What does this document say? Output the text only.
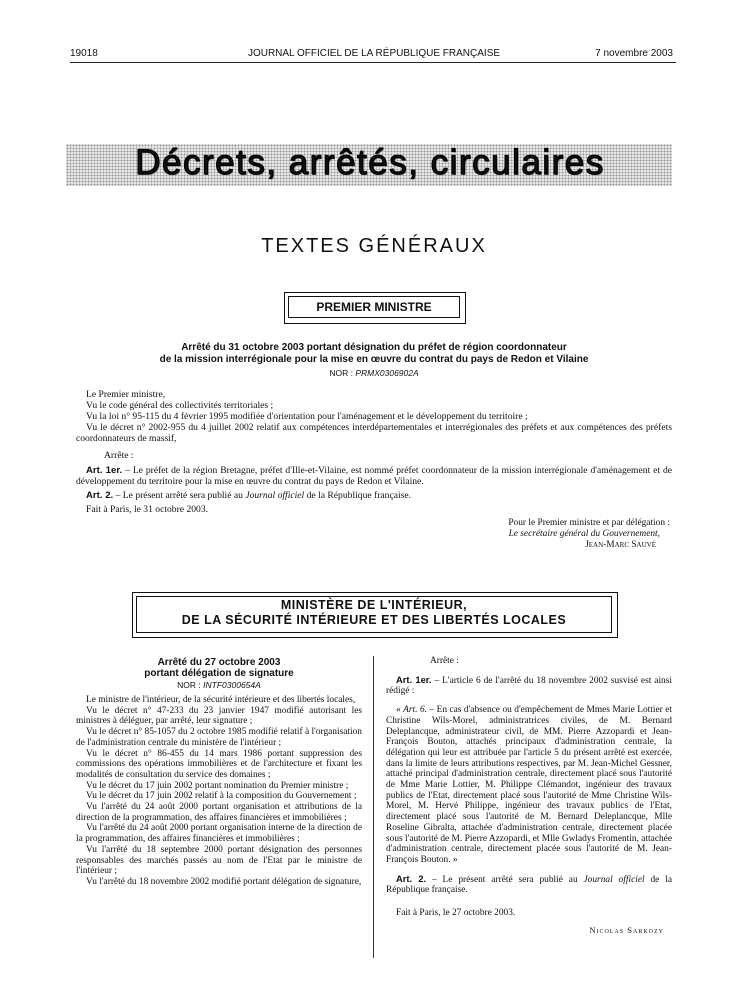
19018	JOURNAL OFFICIEL DE LA RÉPUBLIQUE FRANÇAISE	7 novembre 2003
Décrets, arrêtés, circulaires
TEXTES GÉNÉRAUX
PREMIER MINISTRE
Arrêté du 31 octobre 2003 portant désignation du préfet de région coordonnateur
de la mission interrégionale pour la mise en œuvre du contrat du pays de Redon et Vilaine
NOR : PRMX0306902A
Le Premier ministre,
Vu le code général des collectivités territoriales ;
Vu la loi n° 95-115 du 4 février 1995 modifiée d'orientation pour l'aménagement et le développement du territoire ;
Vu le décret n° 2002-955 du 4 juillet 2002 relatif aux compétences interdépartementales et interrégionales des préfets et aux compétences des préfets coordonnateurs de massif,
Arrête :
Art. 1er. – Le préfet de la région Bretagne, préfet d'Ille-et-Vilaine, est nommé préfet coordonnateur de la mission interrégionale d'aménagement et de développement du territoire pour la mise en œuvre du contrat du pays de Redon et Vilaine.
Art. 2. – Le présent arrêté sera publié au Journal officiel de la République française.
Fait à Paris, le 31 octobre 2003.
Pour le Premier ministre et par délégation :
Le secrétaire général du Gouvernement,
Jean-Marc Sauvé
MINISTÈRE DE L'INTÉRIEUR,
DE LA SÉCURITÉ INTÉRIEURE ET DES LIBERTÉS LOCALES
Arrêté du 27 octobre 2003
portant délégation de signature
NOR : INTF0300654A
Le ministre de l'intérieur, de la sécurité intérieure et des libertés locales,
Vu le décret n° 47-233 du 23 janvier 1947 modifié autorisant les ministres à déléguer, par arrêté, leur signature ;
Vu le décret n° 85-1057 du 2 octobre 1985 modifié relatif à l'organisation de l'administration centrale du ministère de l'intérieur ;
Vu le décret n° 86-455 du 14 mars 1986 portant suppression des commissions des opérations immobilières et de l'architecture et fixant les modalités de consultation du service des domaines ;
Vu le décret du 17 juin 2002 portant nomination du Premier ministre ;
Vu le décret du 17 juin 2002 relatif à la composition du Gouvernement ;
Vu l'arrêté du 24 août 2000 portant organisation et attributions de la direction de la programmation, des affaires financières et immobilières ;
Vu l'arrêté du 24 août 2000 portant organisation interne de la direction de la programmation, des affaires financières et immobilières ;
Vu l'arrêté du 18 septembre 2000 portant désignation des personnes responsables des marchés passés au nom de l'Etat par le ministre de l'intérieur ;
Vu l'arrêté du 18 novembre 2002 modifié portant délégation de signature,
Arrête :
Art. 1er. – L'article 6 de l'arrêté du 18 novembre 2002 susvisé est ainsi rédigé :
« Art. 6. – En cas d'absence ou d'empêchement de Mmes Marie Lottier et Christine Wils-Morel, administratrices civiles, de M. Bernard Deleplancque, administrateur civil, de MM. Pierre Azzopardi et Jean-François Bouton, attachés principaux d'administration centrale, la délégation qui leur est attribuée par l'article 5 du présent arrêté est exercée, dans la limite de leurs attributions respectives, par M. Jean-Michel Gessner, attaché principal d'administration centrale, directement placé sous l'autorité de Mme Marie Lottier, M. Philippe Clémandot, ingénieur des travaux publics de l'Etat, directement placé sous l'autorité de Mme Christine Wils-Morel, M. Hervé Philippe, ingénieur des travaux publics de l'Etat, directement placé sous l'autorité de M. Bernard Deleplancque, Mlle Roseline Gibralta, attachée d'administration centrale, directement placée sous l'autorité de M. Pierre Azzopardi, et Mlle Gwladys Fromentin, attachée d'administration centrale, directement placée sous l'autorité de M. Jean-François Bouton. »
Art. 2. – Le présent arrêté sera publié au Journal officiel de la République française.
Fait à Paris, le 27 octobre 2003.
Nicolas Sarkozy
